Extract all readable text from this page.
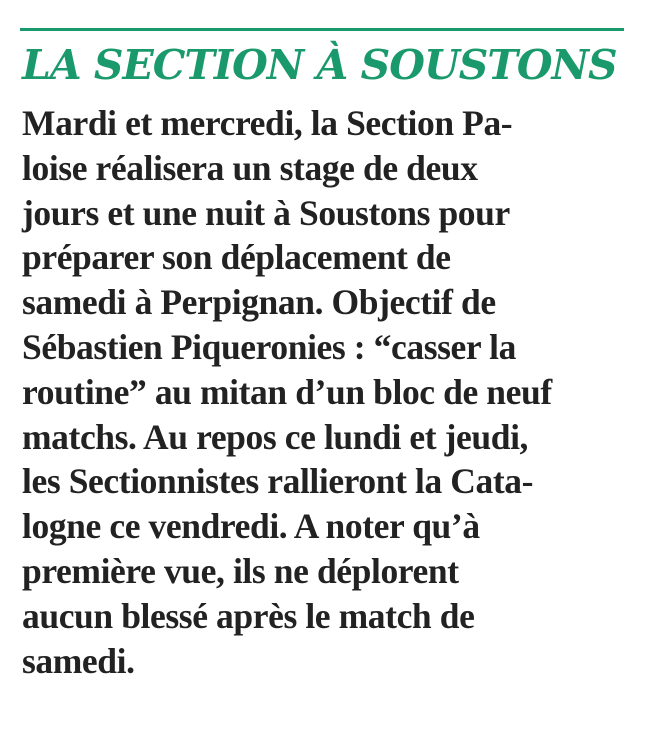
LA SECTION À SOUSTONS

Mardi et mercredi, la Section Pa-

loise réalisera un stage de deux

jours et une nuit à Soustons pour

préparer son déplacement de

samedi à Perpignan. Objectif de

Sébastien Piqueronies : “casser la

routine” au mitan d’un bloc de neuf

matchs. Au repos ce lundi et jeudi,

les Sectionnistes rallieront la Cata-

logne ce vendredi. A noter qu’à

première vue, ils ne déplorent

aucun blessé après le match de

samedi.
